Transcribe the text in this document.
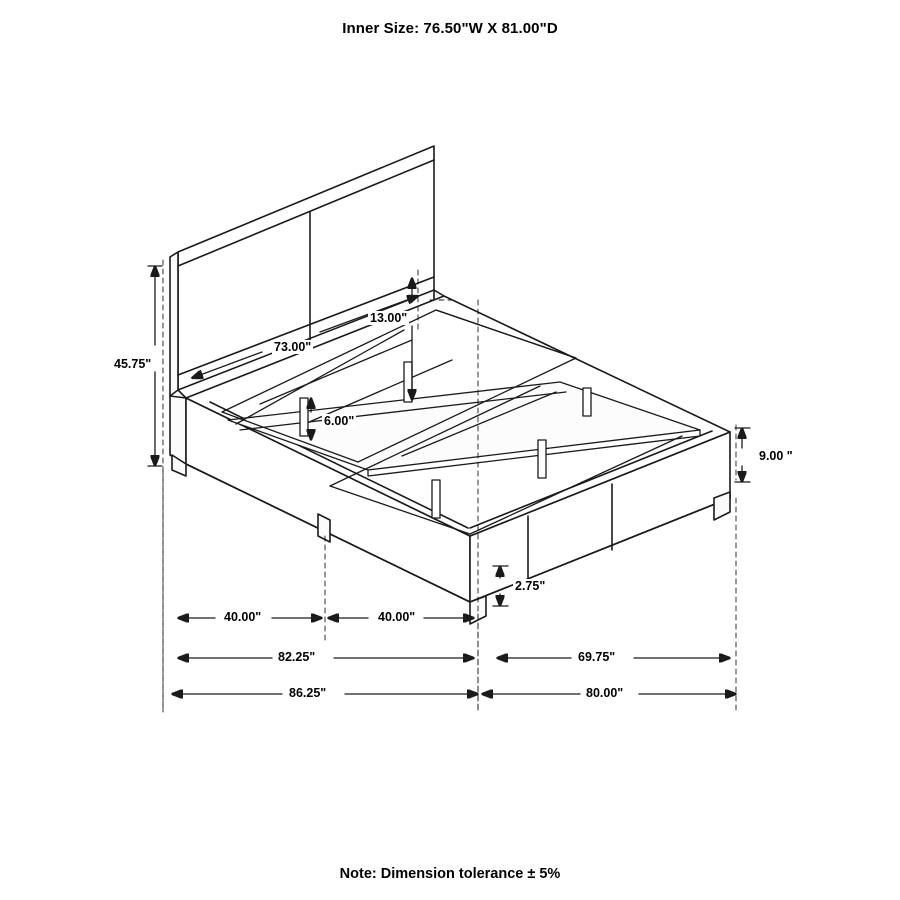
Inner Size: 76.50"W X 81.00"D
45.75"
13.00"
73.00"
6.00"
9.00 "
2.75"
40.00"	40.00"
82.25"	69.75"
86.25"	80.00"
Note: Dimension tolerance ± 5%
